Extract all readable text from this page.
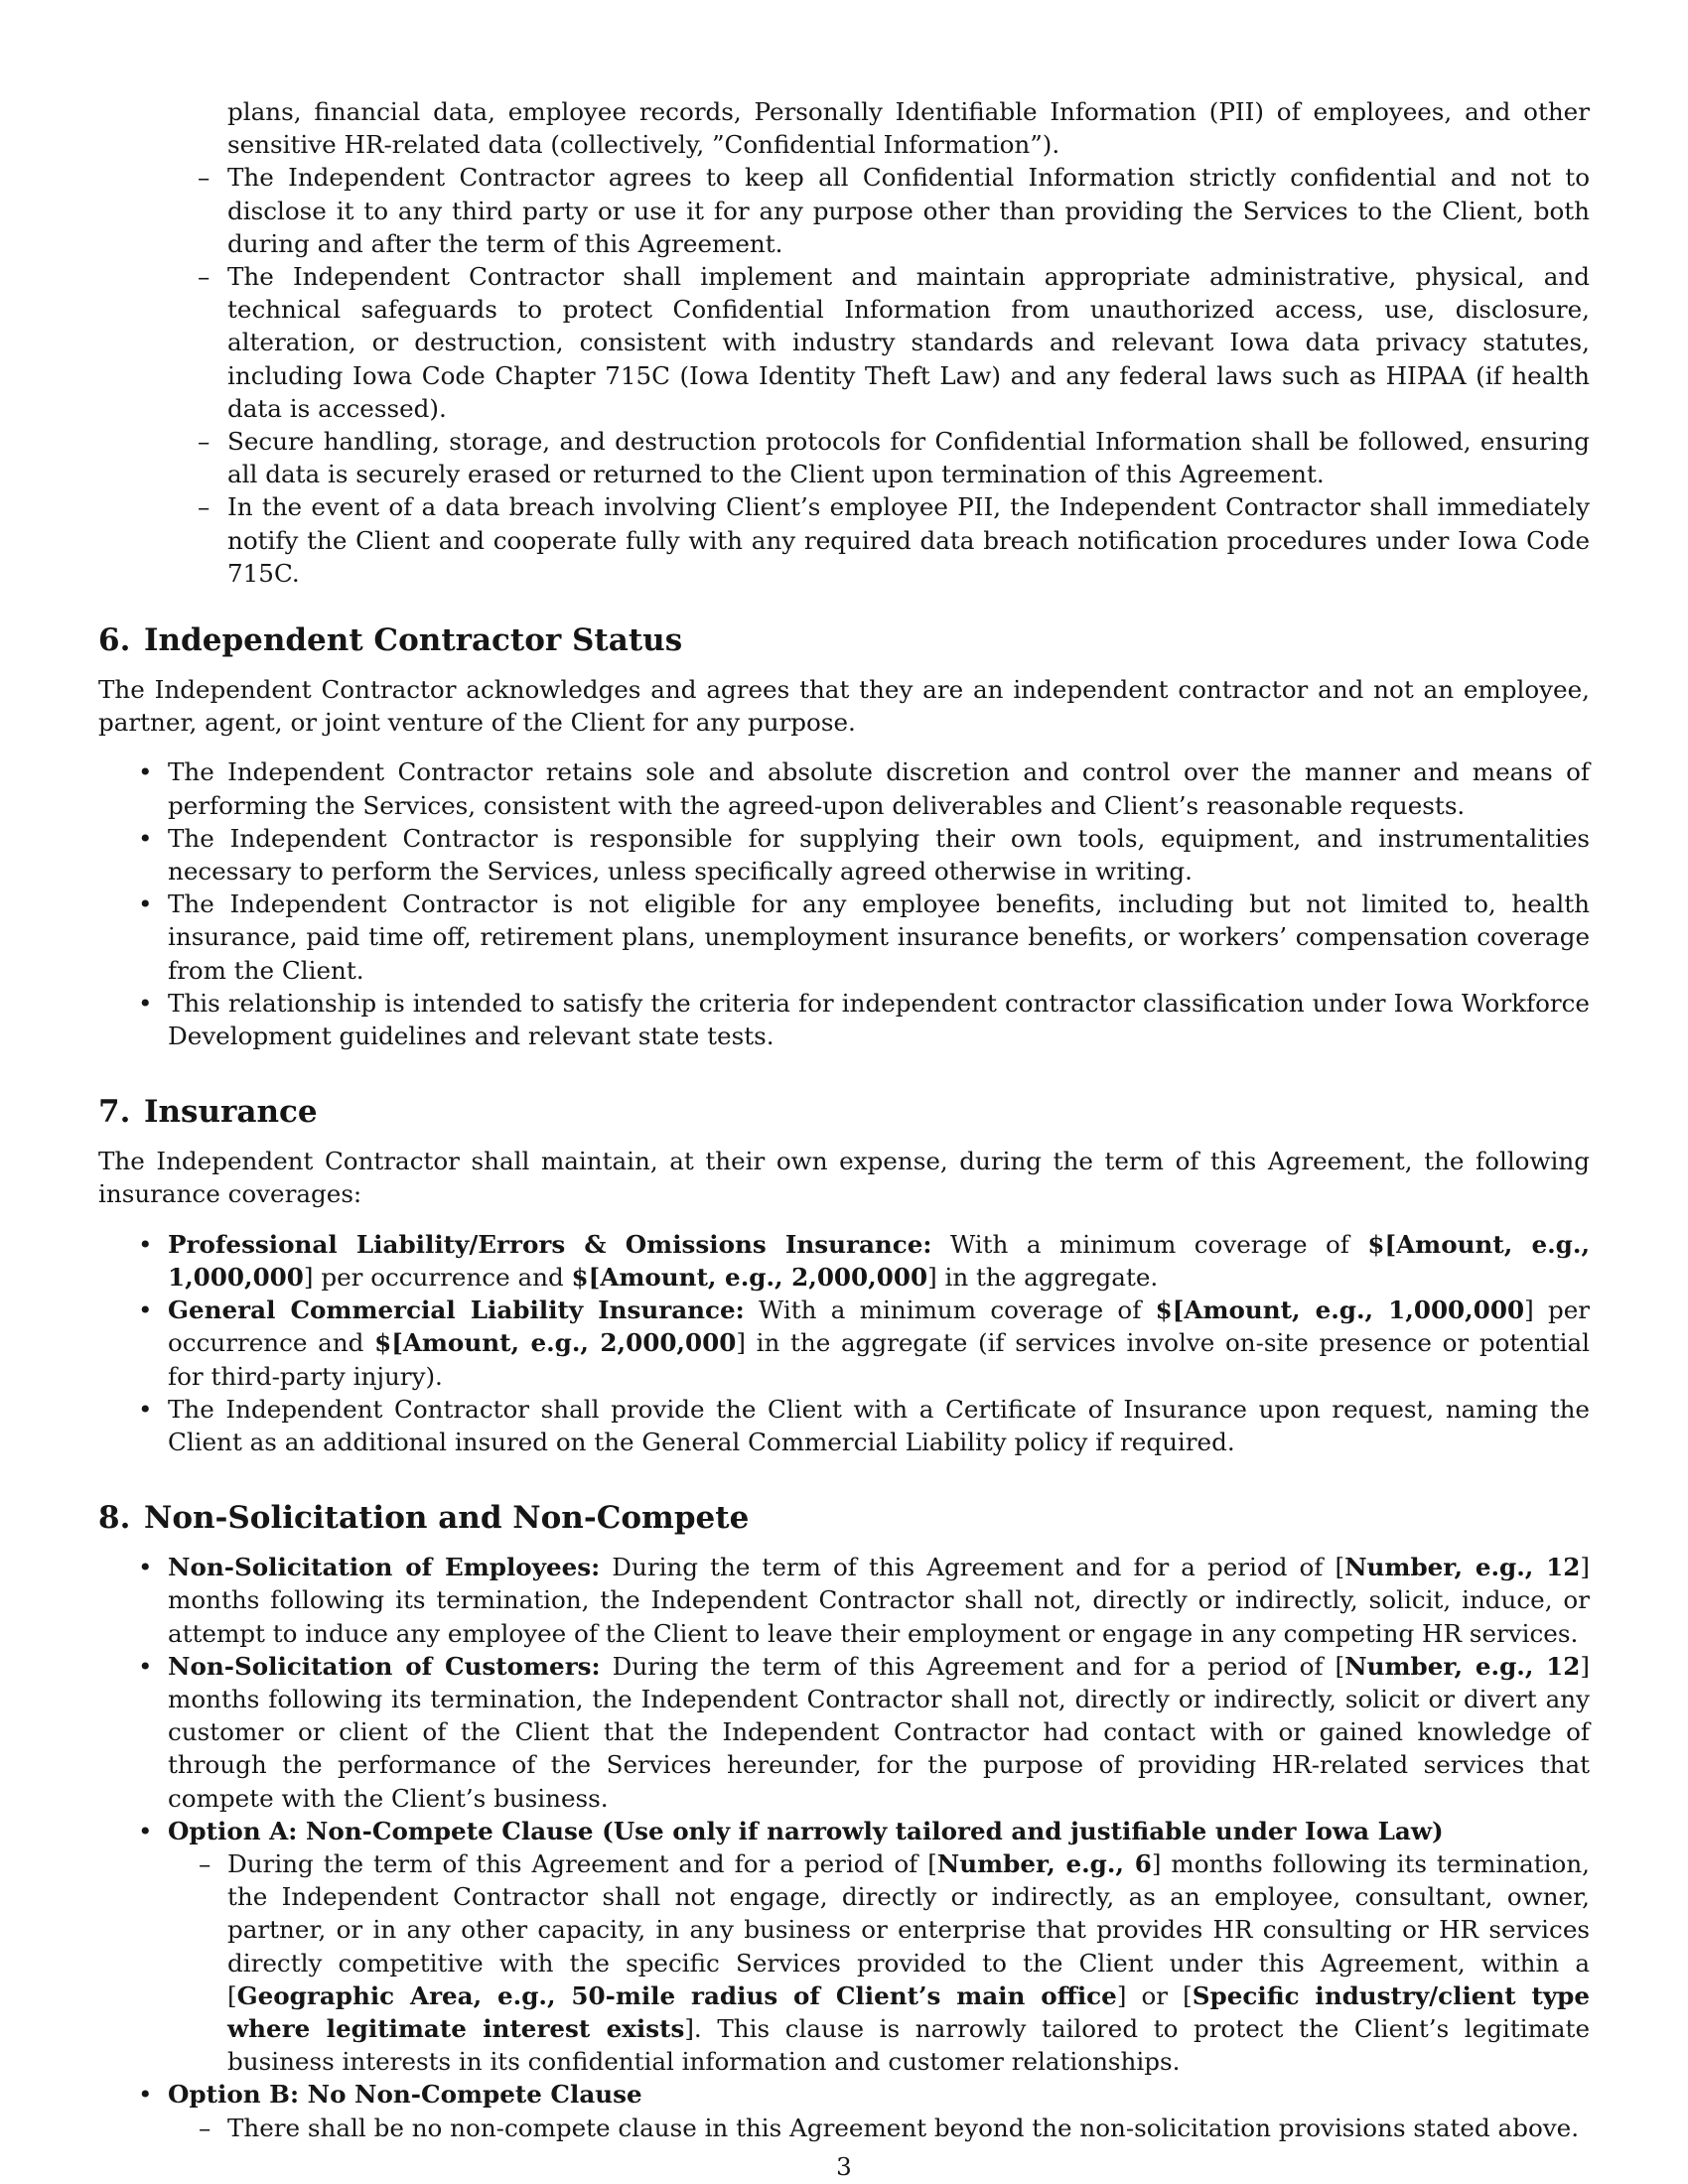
plans, financial data, employee records, Personally Identifiable Information (PII) of employees, and other sensitive HR-related data (collectively, ”Confidential Information”).

– The Independent Contractor agrees to keep all Confidential Information strictly confidential and not to disclose it to any third party or use it for any purpose other than providing the Services to the Client, both during and after the term of this Agreement.
– The Independent Contractor shall implement and maintain appropriate administrative, physical, and technical safeguards to protect Confidential Information from unauthorized access, use, disclosure, alteration, or destruction, consistent with industry standards and relevant Iowa data privacy statutes, including Iowa Code Chapter 715C (Iowa Identity Theft Law) and any federal laws such as HIPAA (if health data is accessed).
– Secure handling, storage, and destruction protocols for Confidential Information shall be followed, ensuring all data is securely erased or returned to the Client upon termination of this Agreement.
– In the event of a data breach involving Client’s employee PII, the Independent Contractor shall immediately notify the Client and cooperate fully with any required data breach notification procedures under Iowa Code 715C.
6. Independent Contractor Status

The Independent Contractor acknowledges and agrees that they are an independent contractor and not an employee, partner, agent, or joint venture of the Client for any purpose.

• The Independent Contractor retains sole and absolute discretion and control over the manner and means of performing the Services, consistent with the agreed-upon deliverables and Client’s reasonable requests.
• The Independent Contractor is responsible for supplying their own tools, equipment, and instrumentalities necessary to perform the Services, unless specifically agreed otherwise in writing.
• The Independent Contractor is not eligible for any employee benefits, including but not limited to, health insurance, paid time off, retirement plans, unemployment insurance benefits, or workers’ compensation coverage from the Client.
• This relationship is intended to satisfy the criteria for independent contractor classification under Iowa Workforce Development guidelines and relevant state tests.
7. Insurance

The Independent Contractor shall maintain, at their own expense, during the term of this Agreement, the following insurance coverages:

• Professional Liability/Errors & Omissions Insurance: With a minimum coverage of $[Amount, e.g., 1,000,000] per occurrence and $[Amount, e.g., 2,000,000] in the aggregate.
• General Commercial Liability Insurance: With a minimum coverage of $[Amount, e.g., 1,000,000] per occurrence and $[Amount, e.g., 2,000,000] in the aggregate (if services involve on-site presence or potential for third-party injury).
• The Independent Contractor shall provide the Client with a Certificate of Insurance upon request, naming the Client as an additional insured on the General Commercial Liability policy if required.
8. Non-Solicitation and Non-Compete
• Non-Solicitation of Employees: During the term of this Agreement and for a period of [Number, e.g., 12] months following its termination, the Independent Contractor shall not, directly or indirectly, solicit, induce, or attempt to induce any employee of the Client to leave their employment or engage in any competing HR services.
• Non-Solicitation of Customers: During the term of this Agreement and for a period of [Number, e.g., 12] months following its termination, the Independent Contractor shall not, directly or indirectly, solicit or divert any customer or client of the Client that the Independent Contractor had contact with or gained knowledge of through the performance of the Services hereunder, for the purpose of providing HR-related services that compete with the Client’s business.
• Option A: Non-Compete Clause (Use only if narrowly tailored and justifiable under Iowa Law)
– During the term of this Agreement and for a period of [Number, e.g., 6] months following its termination, the Independent Contractor shall not engage, directly or indirectly, as an employee, consultant, owner, partner, or in any other capacity, in any business or enterprise that provides HR consulting or HR services directly competitive with the specific Services provided to the Client under this Agreement, within a [Geographic Area, e.g., 50-mile radius of Client’s main office] or [Specific industry/client type where legitimate interest exists]. This clause is narrowly tailored to protect the Client’s legitimate business interests in its confidential information and customer relationships.
• Option B: No Non-Compete Clause
– There shall be no non-compete clause in this Agreement beyond the non-solicitation provisions stated above.
3
